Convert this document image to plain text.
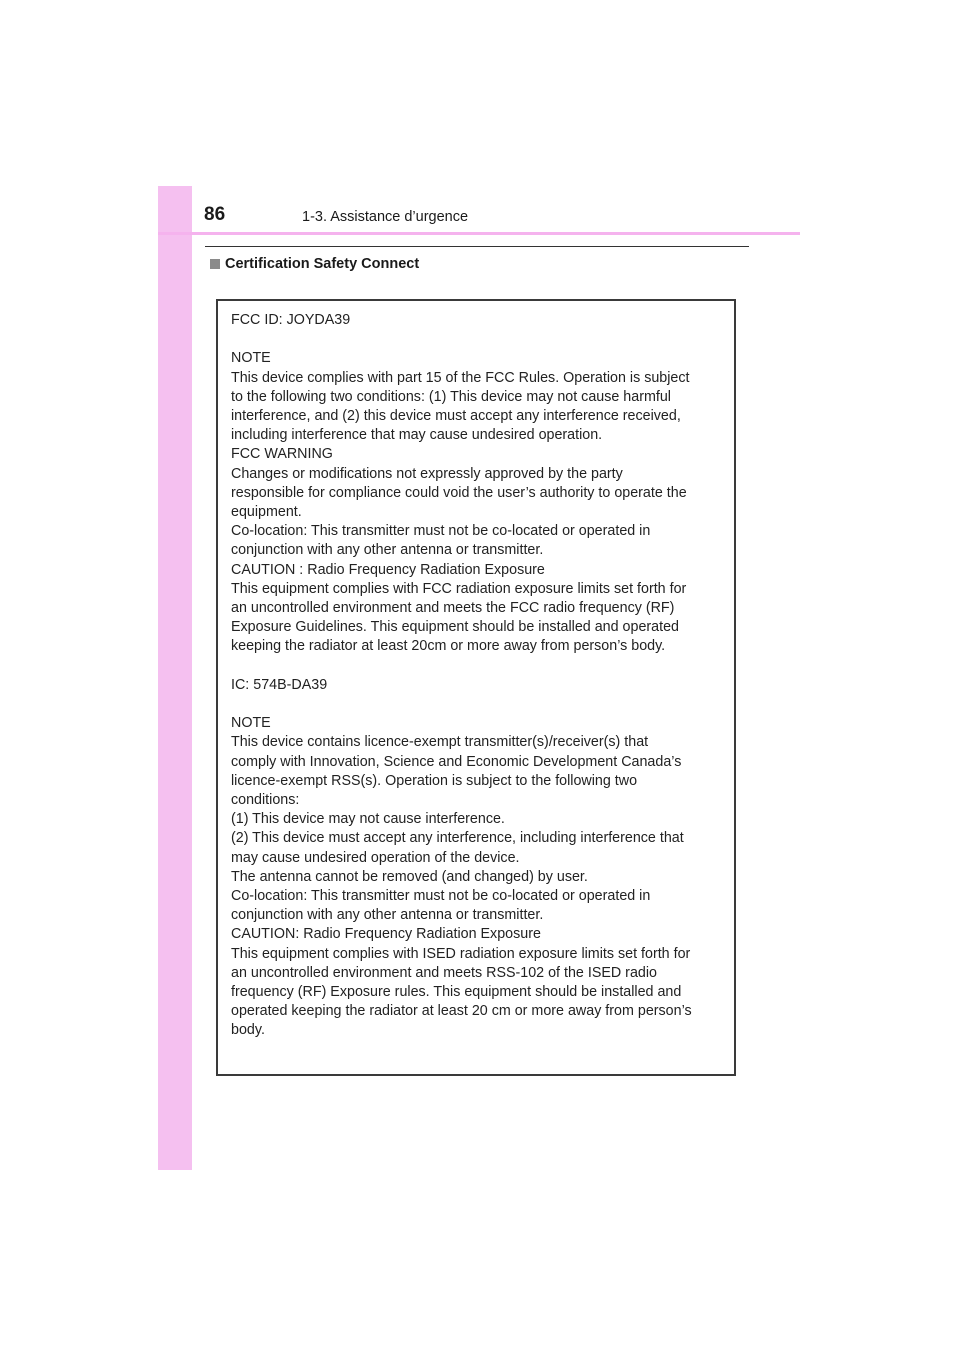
86	1-3. Assistance d’urgence
Certification Safety Connect
FCC ID: JOYDA39
NOTE
This device complies with part 15 of the FCC Rules. Operation is subject
to the following two conditions: (1) This device may not cause harmful
interference, and (2) this device must accept any interference received,
including interference that may cause undesired operation.
FCC WARNING
Changes or modifications not expressly approved by the party
responsible for compliance could void the user’s authority to operate the
equipment.
Co-location: This transmitter must not be co-located or operated in
conjunction with any other antenna or transmitter.
CAUTION : Radio Frequency Radiation Exposure
This equipment complies with FCC radiation exposure limits set forth for
an uncontrolled environment and meets the FCC radio frequency (RF)
Exposure Guidelines. This equipment should be installed and operated
keeping the radiator at least 20cm or more away from person’s body.
IC: 574B-DA39
NOTE
This device contains licence-exempt transmitter(s)/receiver(s) that
comply with Innovation, Science and Economic Development Canada’s
licence-exempt RSS(s). Operation is subject to the following two
conditions:
(1) This device may not cause interference.
(2) This device must accept any interference, including interference that
may cause undesired operation of the device.
The antenna cannot be removed (and changed) by user.
Co-location: This transmitter must not be co-located or operated in
conjunction with any other antenna or transmitter.
CAUTION: Radio Frequency Radiation Exposure
This equipment complies with ISED radiation exposure limits set forth for
an uncontrolled environment and meets RSS-102 of the ISED radio
frequency (RF) Exposure rules. This equipment should be installed and
operated keeping the radiator at least 20 cm or more away from person’s
body.
